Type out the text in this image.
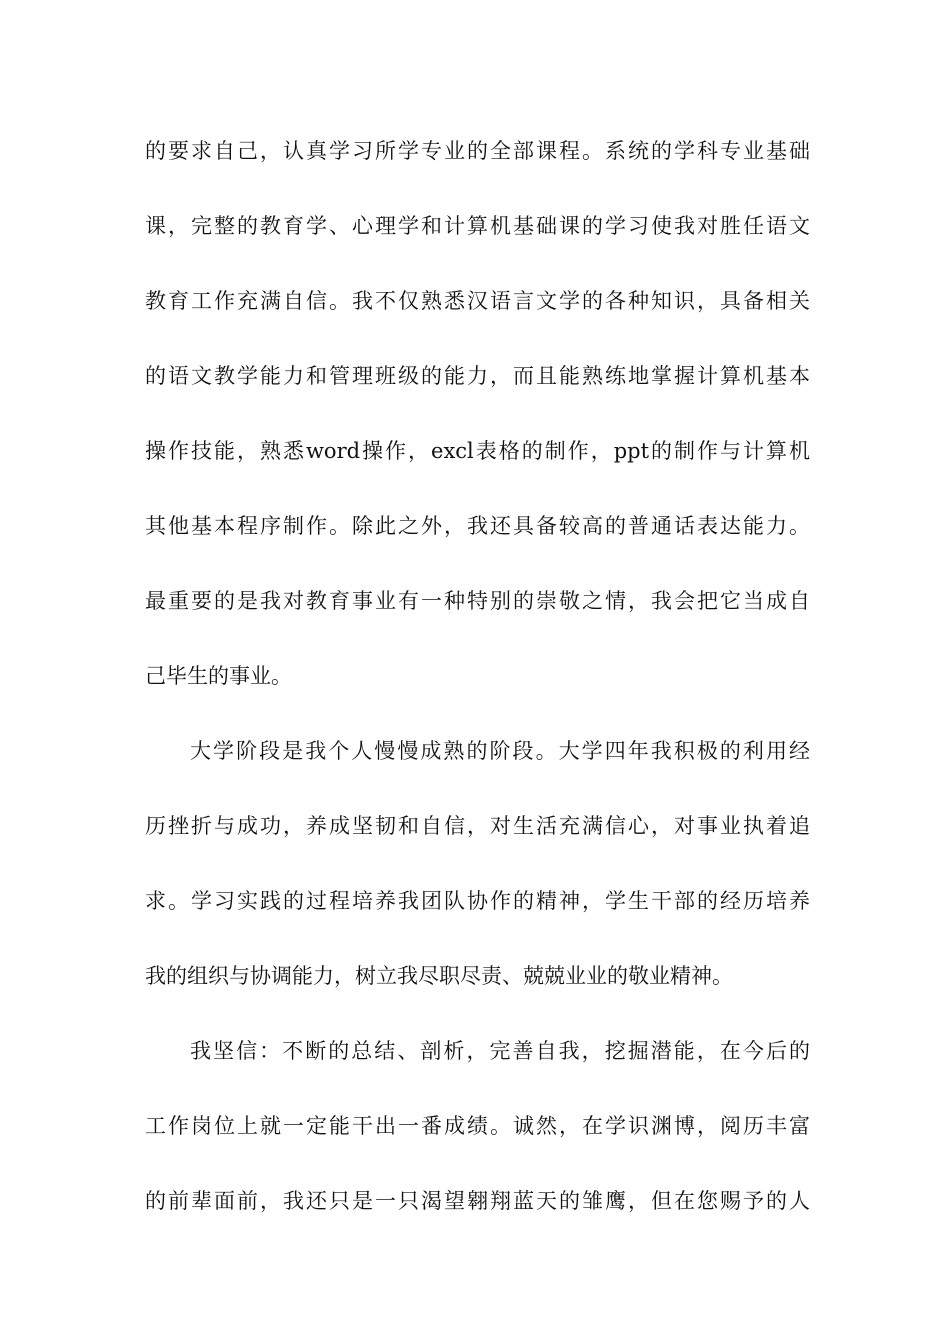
的要求自己，认真学习所学专业的全部课程。系统的学科专业基础
课，完整的教育学、心理学和计算机基础课的学习使我对胜任语文
教育工作充满自信。我不仅熟悉汉语言文学的各种知识，具备相关
的语文教学能力和管理班级的能力，而且能熟练地掌握计算机基本
操作技能，熟悉word操作，excl表格的制作，ppt的制作与计算机
其他基本程序制作。除此之外，我还具备较高的普通话表达能力。
最重要的是我对教育事业有一种特别的崇敬之情，我会把它当成自
己毕生的事业。
大学阶段是我个人慢慢成熟的阶段。大学四年我积极的利用经
历挫折与成功，养成坚韧和自信，对生活充满信心，对事业执着追
求。学习实践的过程培养我团队协作的精神，学生干部的经历培养
我的组织与协调能力，树立我尽职尽责、兢兢业业的敬业精神。
我坚信：不断的总结、剖析，完善自我，挖掘潜能，在今后的
工作岗位上就一定能干出一番成绩。诚然，在学识渊博，阅历丰富
的前辈面前，我还只是一只渴望翱翔蓝天的雏鹰，但在您赐予的人
